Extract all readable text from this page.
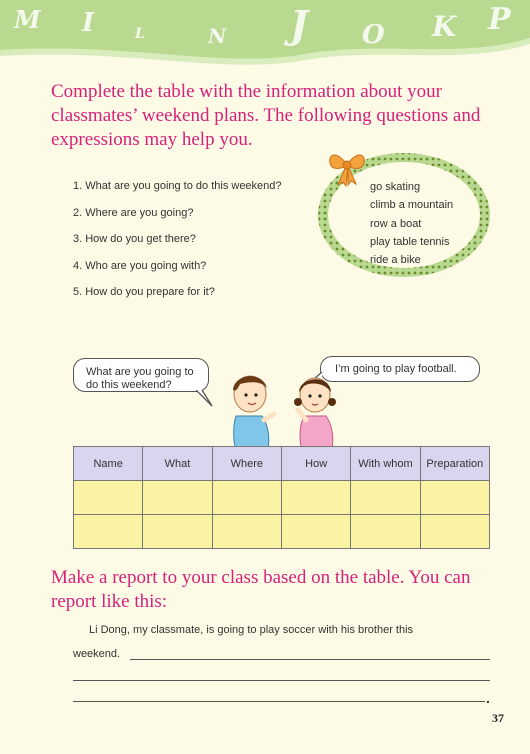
M I	L	N J O K P
Complete the table with the information about your classmates’ weekend plans. The following questions and expressions may help you.
1. What are you going to do this weekend?
2. Where are you going?
3. How do you get there?
4. Who are you going with?
5. How do you prepare for it?
go skating
climb a mountain
row a boat
play table tennis
ride a bike
What are you going to do this weekend?
I’m going to play football.
Name	What	Where	How	With whom	Preparation

Make a report to your class based on the table. You can report like this:
Li Dong, my classmate, is going to play soccer with his brother this
weekend.
.
37
